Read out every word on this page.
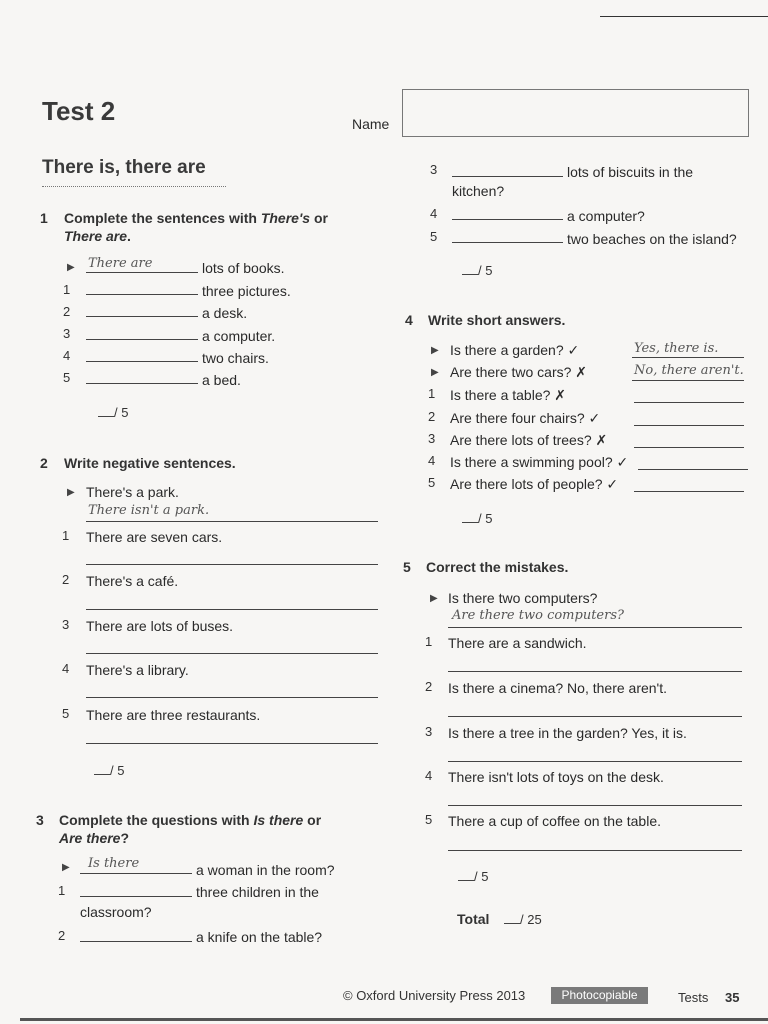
Test 2	Name
There is, there are
1 Complete the sentences with There's or
There are.
▶ There are	lots of books.
1	three pictures.
2	a desk.
3	a computer.
4	two chairs.
5	a bed.
/ 5
2 Write negative sentences.
▶ There's a park.
There isn't a park.
1 There are seven cars.
2 There's a café.
3 There are lots of buses.
4 There's a library.
5 There are three restaurants.
/ 5
3 Complete the questions with Is there or
Are there?
▶ Is there	a woman in the room?
1	three children in the
classroom?
2	a knife on the table?
3	lots of biscuits in the
kitchen?
4	a computer?
5	two beaches on the island?
/ 5
4 Write short answers.
▶ Is there a garden? ✓	Yes, there is.
▶ Are there two cars? ✗	No, there aren't.
1 Is there a table? ✗
2 Are there four chairs? ✓
3 Are there lots of trees? ✗
4 Is there a swimming pool? ✓
5 Are there lots of people? ✓
/ 5
5 Correct the mistakes.
▶ Is there two computers?
Are there two computers?
1 There are a sandwich.
2 Is there a cinema? No, there aren't.
3 Is there a tree in the garden? Yes, it is.
4 There isn't lots of toys on the desk.
5 There a cup of coffee on the table.
/ 5
Total	/ 25
© Oxford University Press 2013	Photocopiable	Tests 35
